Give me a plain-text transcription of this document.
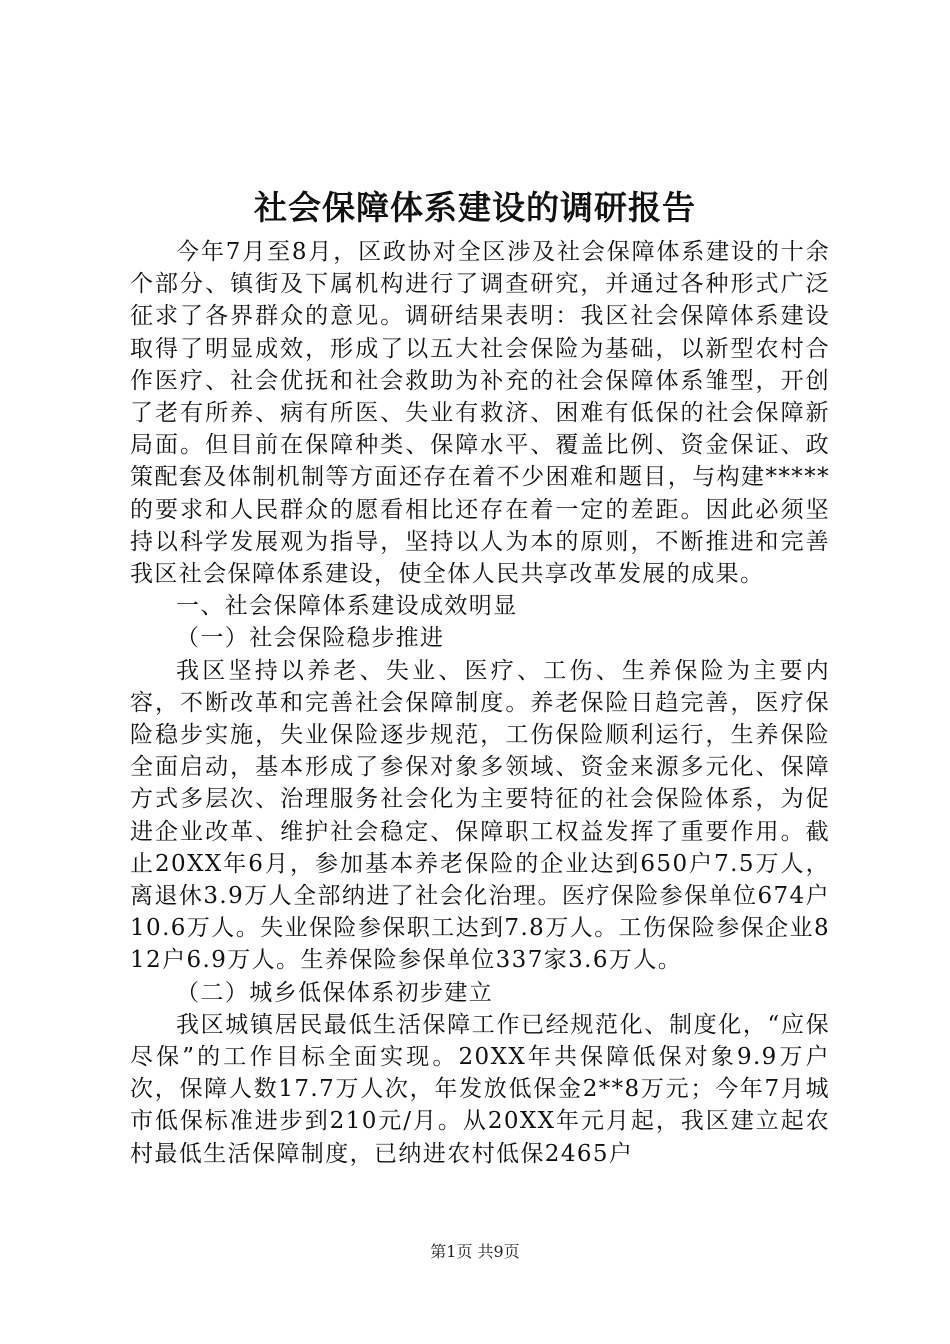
社会保障体系建设的调研报告

今年7月至8月，区政协对全区涉及社会保障体系建设的十余个部分、镇街及下属机构进行了调查研究，并通过各种形式广泛征求了各界群众的意见。调研结果表明：我区社会保障体系建设取得了明显成效，形成了以五大社会保险为基础，以新型农村合作医疗、社会优抚和社会救助为补充的社会保障体系雏型，开创了老有所养、病有所医、失业有救济、困难有低保的社会保障新局面。但目前在保障种类、保障水平、覆盖比例、资金保证、政策配套及体制机制等方面还存在着不少困难和题目，与构建*****的要求和人民群众的愿看相比还存在着一定的差距。因此必须坚持以科学发展观为指导，坚持以人为本的原则，不断推进和完善我区社会保障体系建设，使全体人民共享改革发展的成果。

一、社会保障体系建设成效明显

（一）社会保险稳步推进

我区坚持以养老、失业、医疗、工伤、生养保险为主要内容，不断改革和完善社会保障制度。养老保险日趋完善，医疗保险稳步实施，失业保险逐步规范，工伤保险顺利运行，生养保险全面启动，基本形成了参保对象多领域、资金来源多元化、保障方式多层次、治理服务社会化为主要特征的社会保险体系，为促进企业改革、维护社会稳定、保障职工权益发挥了重要作用。截止20XX年6月，参加基本养老保险的企业达到650户7.5万人，离退休3.9万人全部纳进了社会化治理。医疗保险参保单位674户10.6万人。失业保险参保职工达到7.8万人。工伤保险参保企业812户6.9万人。生养保险参保单位337家3.6万人。

（二）城乡低保体系初步建立

我区城镇居民最低生活保障工作已经规范化、制度化，“应保尽保”的工作目标全面实现。20XX年共保障低保对象9.9万户次，保障人数17.7万人次，年发放低保金2**8万元；今年7月城市低保标准进步到210元/月。从20XX年元月起，我区建立起农村最低生活保障制度，已纳进农村低保2465户

第1页 共9页
